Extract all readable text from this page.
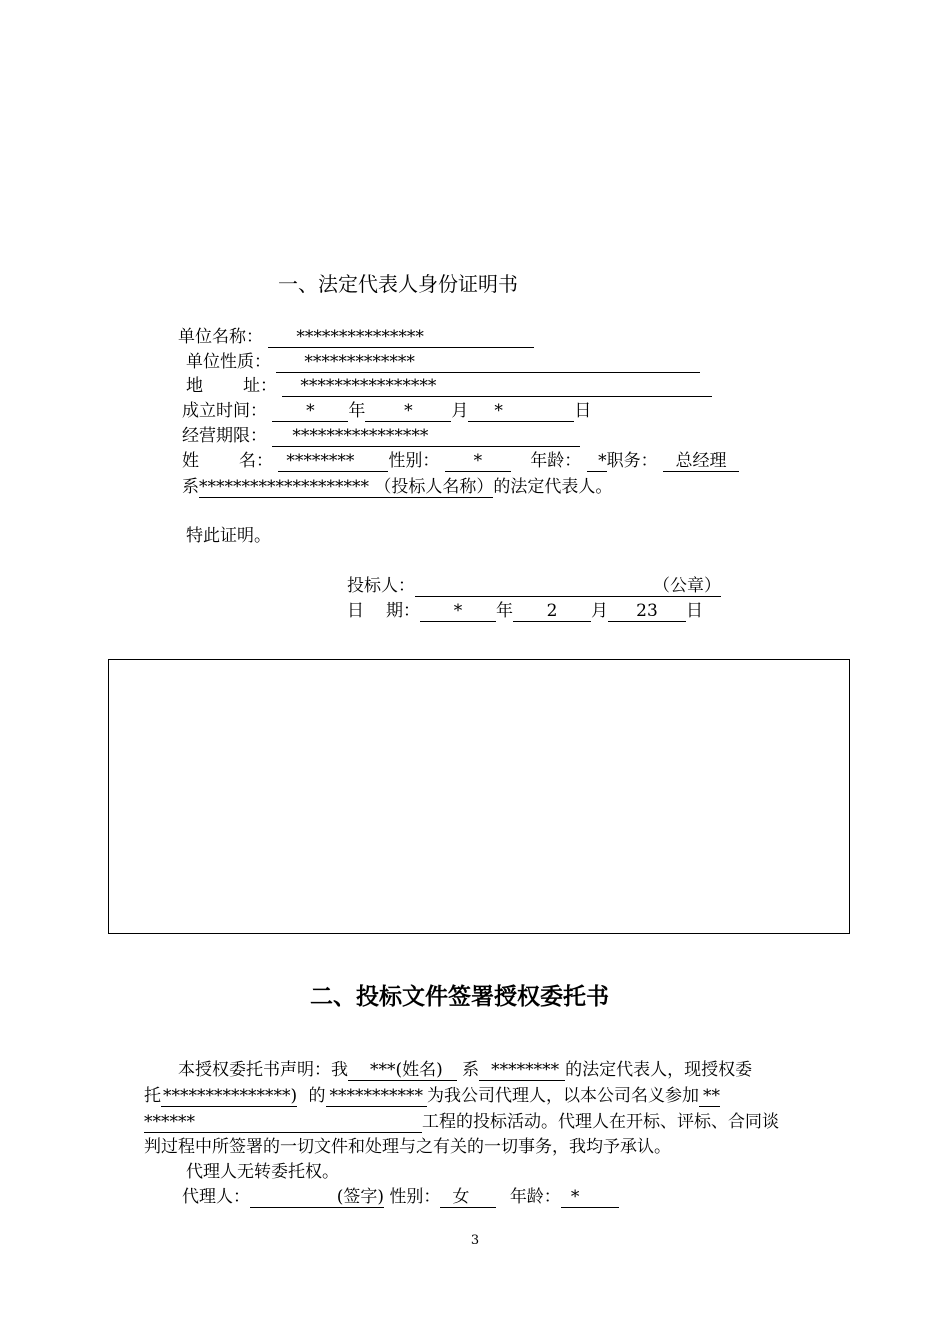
一、法定代表人身份证明书
单位名称： ***************
单位性质： *************
地 址： ****************
成立时间： * 年 * 月 *	日
经营期限： ****************
姓 名： ******** 性别： *	年龄： *职务： 总经理
系******************** （投标人名称）的法定代表人。
特此证明。
投标人：	（公章）
日 期： * 年 2 月 23 日
二、投标文件签署授权委托书
本授权委托书声明：我 ***(姓名) 系 ******** 的法定代表人，现授权委
托 ***************) 的 *********** 为我公司代理人，以本公司名义参加 **
******	工程的投标活动。代理人在开标、评标、合同谈
判过程中所签署的一切文件和处理与之有关的一切事务，我均予承认。
代理人无转委托权。
代理人：	(签字) 性别： 女 年龄： *
3
